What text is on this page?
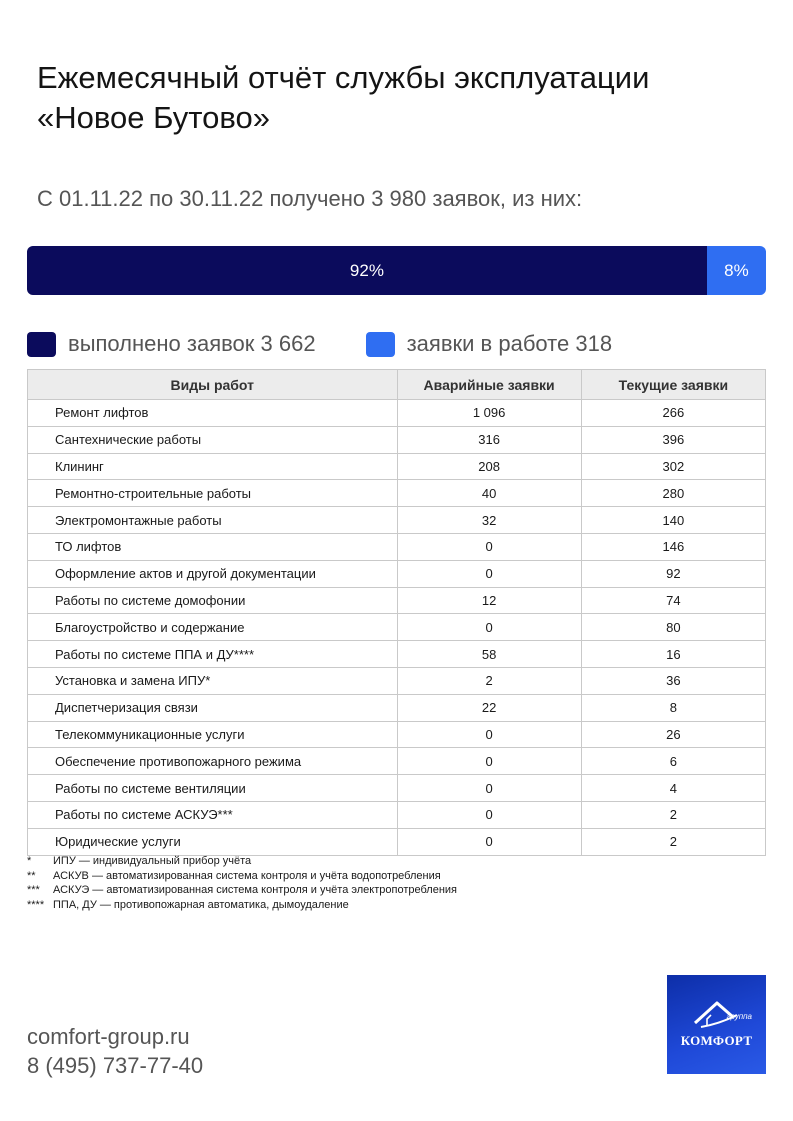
Ежемесячный отчёт службы эксплуатации
«Новое Бутово»
С 01.11.22 по 30.11.22 получено 3 980 заявок, из них:
92%	8%
выполнено заявок 3 662	заявки в работе 318
Виды работ	Аварийные заявки	Текущие заявки
Ремонт лифтов	1 096	266
Сантехнические работы	316	396
Клининг	208	302
Ремонтно-строительные работы	40	280
Электромонтажные работы	32	140
ТО лифтов	0	146
Оформление актов и другой документации	0	92
Работы по системе домофонии	12	74
Благоустройство и содержание	0	80
Работы по системе ППА и ДУ****	58	16
Установка и замена ИПУ*	2	36
Диспетчеризация связи	22	8
Телекоммуникационные услуги	0	26
Обеспечение противопожарного режима	0	6
Работы по системе вентиляции	0	4
Работы по системе АСКУЭ***	0	2
Юридические услуги	0	2
*	ИПУ — индивидуальный прибор учёта
**	АСКУВ — автоматизированная система контроля и учёта водопотребления
***	АСКУЭ — автоматизированная система контроля и учёта электропотребления
**** ППА, ДУ — противопожарная автоматика, дымоудаление
comfort-group.ru
8 (495) 737-77-40
группа
КОМФОРТ
